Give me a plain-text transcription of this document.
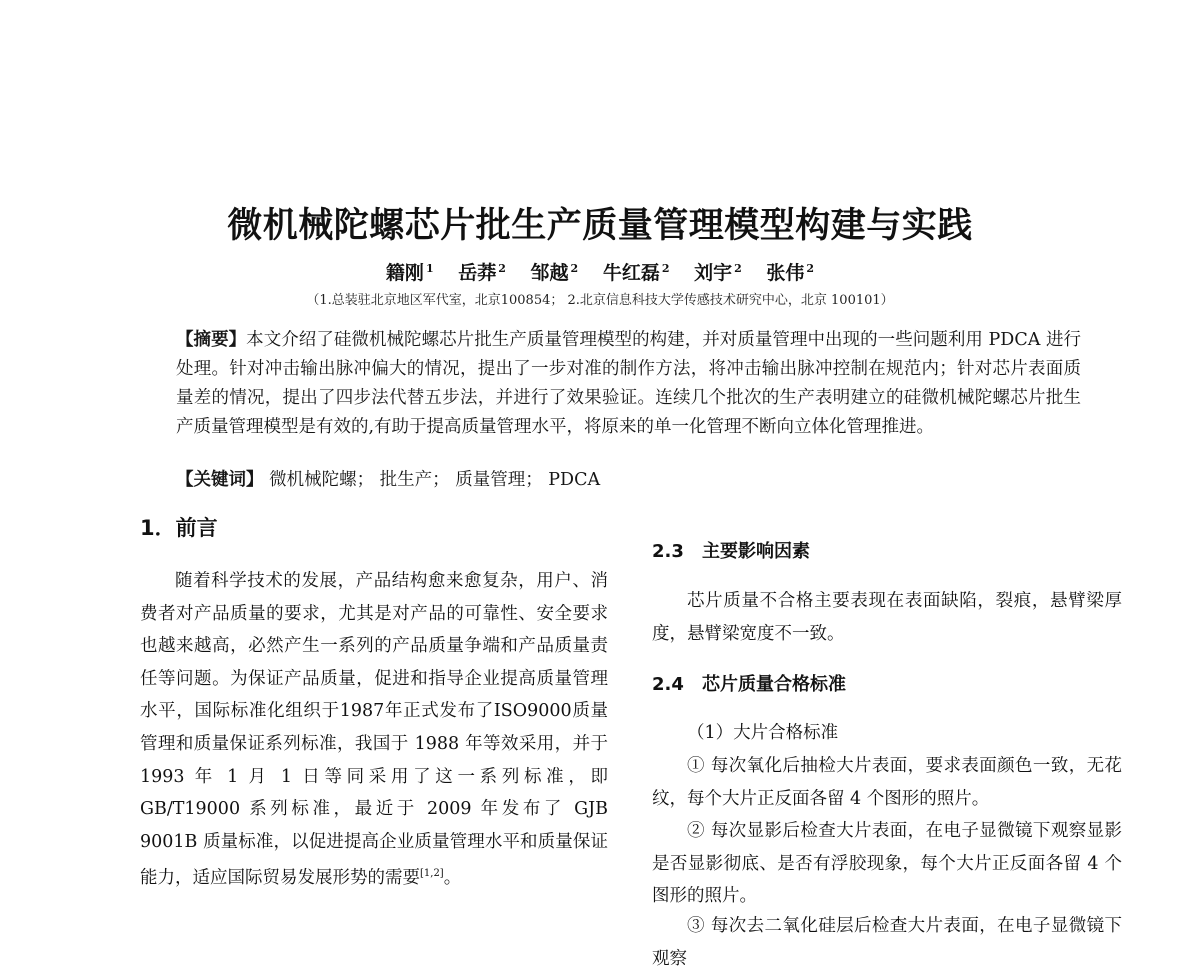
微机械陀螺芯片批生产质量管理模型构建与实践
籍刚 $^1$ 岳莽 $^2$ 邹越 $^2$ 牛红磊 $^2$ 刘宇 $^2$ 张伟 $^2$
（1.总装驻北京地区军代室，北京100854； 2.北京信息科技大学传感技术研究中心，北京 100101）
【摘要】本文介绍了硅微机械陀螺芯片批生产质量管理模型的构建，并对质量管理中出现的一些问题利用 PDCA 进行处理。针对冲击输出脉冲偏大的情况，提出了一步对准的制作方法，将冲击输出脉冲控制在规范内；针对芯片表面质量差的情况，提出了四步法代替五步法，并进行了效果验证。连续几个批次的生产表明建立的硅微机械陀螺芯片批生产质量管理模型是有效的,有助于提高质量管理水平，将原来的单一化管理不断向立体化管理推进。
【关键词】 微机械陀螺； 批生产； 质量管理； PDCA
1．前言

随着科学技术的发展，产品结构愈来愈复杂，用户、消费者对产品质量的要求，尤其是对产品的可靠性、安全要求也越来越高，必然产生一系列的产品质量争端和产品质量责任等问题。为保证产品质量，促进和指导企业提高质量管理水平，国际标准化组织于1987年正式发布了ISO9000质量管理和质量保证系列标准，我国于 1988 年等效采用，并于 1993 年 1 月 1 日等同采用了这一系列标准，即 GB/T19000 系列标准，最近于 2009 年发布了 GJB 9001B 质量标准，以促进提高企业质量管理水平和质量保证能力，适应国际贸易发展形势的需要[1,2]。

2.3 主要影响因素

芯片质量不合格主要表现在表面缺陷，裂痕，悬臂梁厚度，悬臂梁宽度不一致。

2.4 芯片质量合格标准

（1）大片合格标准

① 每次氧化后抽检大片表面，要求表面颜色一致，无花纹，每个大片正反面各留 4 个图形的照片。

② 每次显影后检查大片表面，在电子显微镜下观察显影是否显影彻底、是否有浮胶现象，每个大片正反面各留 4 个图形的照片。

③ 每次去二氧化硅层后检查大片表面，在电子显微镜下观察
